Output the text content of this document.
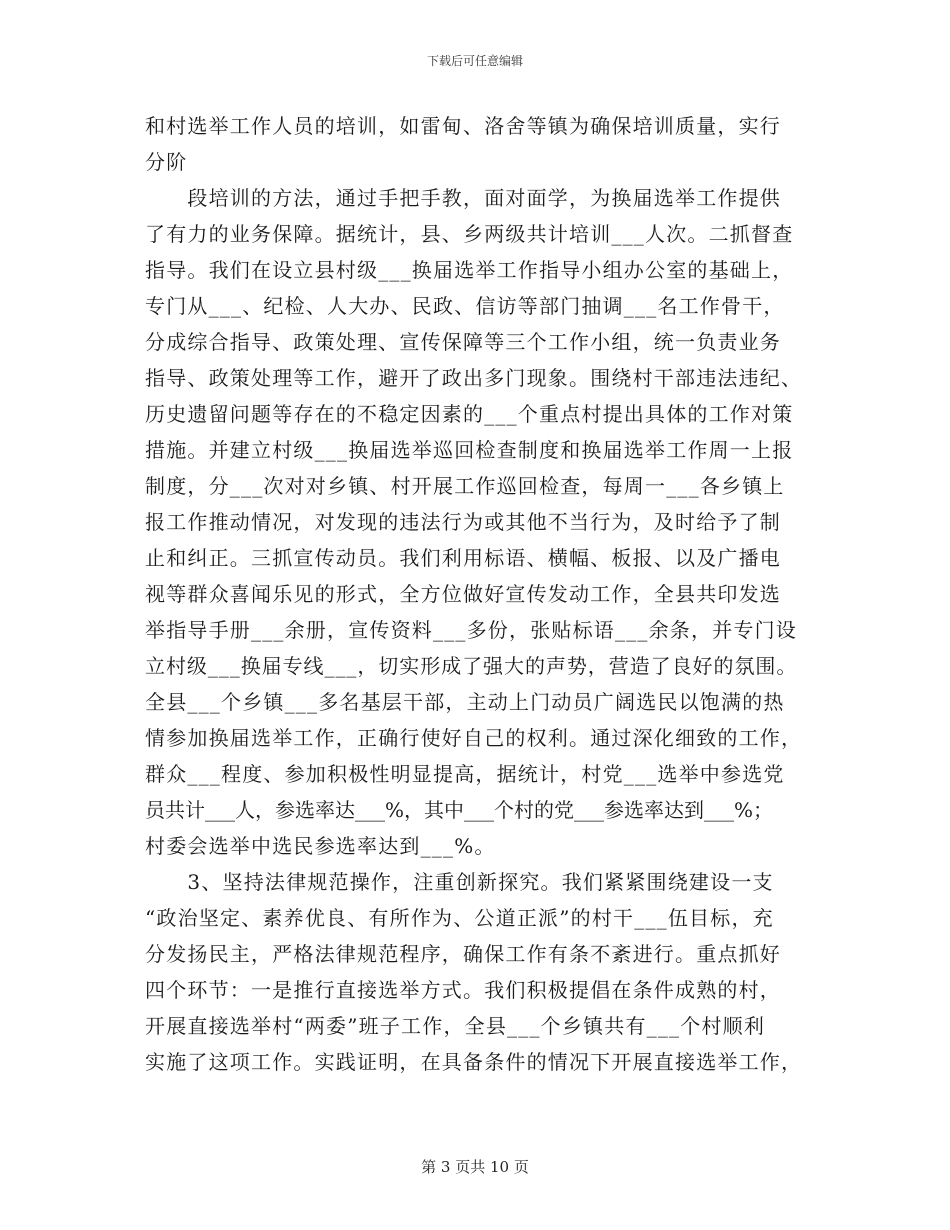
下载后可任意编辑
和村选举工作人员的培训，如雷甸、洛舍等镇为确保培训质量，实行
分阶
　　段培训的方法，通过手把手教，面对面学，为换届选举工作提供
了有力的业务保障。据统计，县、乡两级共计培训___人次。二抓督查
指导。我们在设立县村级___换届选举工作指导小组办公室的基础上，
专门从___、纪检、人大办、民政、信访等部门抽调___名工作骨干，
分成综合指导、政策处理、宣传保障等三个工作小组，统一负责业务
指导、政策处理等工作，避开了政出多门现象。围绕村干部违法违纪、
历史遗留问题等存在的不稳定因素的___个重点村提出具体的工作对策
措施。并建立村级___换届选举巡回检查制度和换届选举工作周一上报
制度，分___次对对乡镇、村开展工作巡回检查，每周一___各乡镇上
报工作推动情况，对发现的违法行为或其他不当行为，及时给予了制
止和纠正。三抓宣传动员。我们利用标语、横幅、板报、以及广播电
视等群众喜闻乐见的形式，全方位做好宣传发动工作，全县共印发选
举指导手册___余册，宣传资料___多份，张贴标语___余条，并专门设
立村级___换届专线___，切实形成了强大的声势，营造了良好的氛围。
全县___个乡镇___多名基层干部，主动上门动员广阔选民以饱满的热
情参加换届选举工作，正确行使好自己的权利。通过深化细致的工作，
群众___程度、参加积极性明显提高，据统计，村党___选举中参选党
员共计___人，参选率达___%，其中___个村的党___参选率达到___%；
村委会选举中选民参选率达到___%。
　　3、坚持法律规范操作，注重创新探究。我们紧紧围绕建设一支
“政治坚定、素养优良、有所作为、公道正派”的村干___伍目标，充
分发扬民主，严格法律规范程序，确保工作有条不紊进行。重点抓好
四个环节：一是推行直接选举方式。我们积极提倡在条件成熟的村，
开展直接选举村“两委”班子工作，全县___个乡镇共有___个村顺利
实施了这项工作。实践证明，在具备条件的情况下开展直接选举工作，
第 3 页共 10 页
